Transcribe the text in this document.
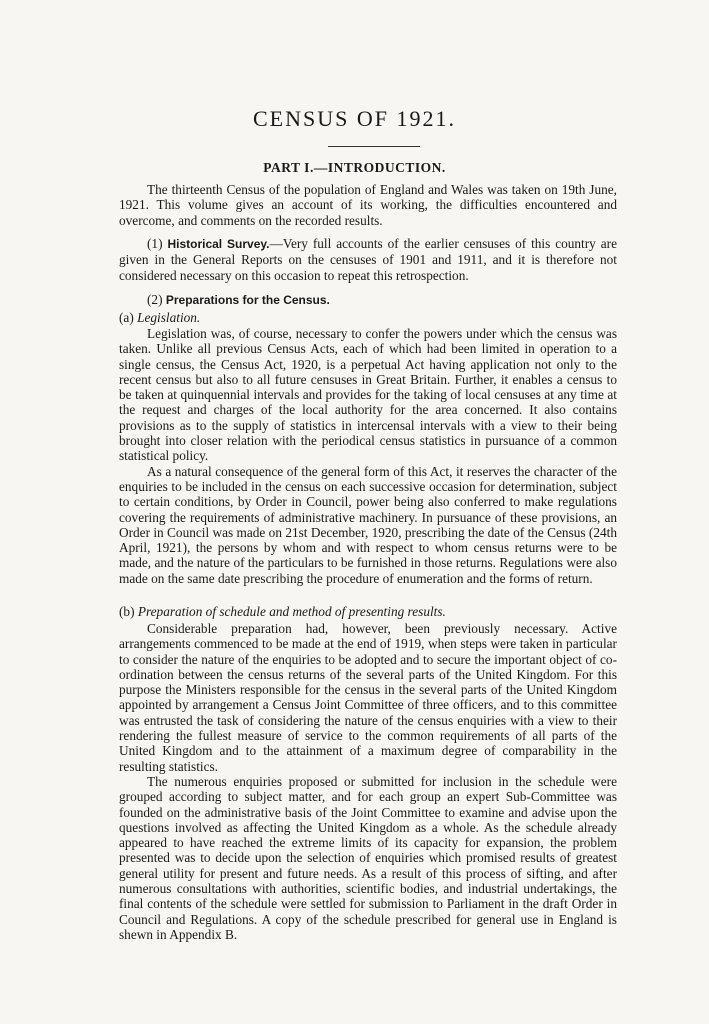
CENSUS OF 1921.
PART I.—INTRODUCTION.

The thirteenth Census of the population of England and Wales was taken on 19th June, 1921. This volume gives an account of its working, the difficulties encountered and overcome, and comments on the recorded results.

(1) Historical Survey.—Very full accounts of the earlier censuses of this country are given in the General Reports on the censuses of 1901 and 1911, and it is therefore not considered necessary on this occasion to repeat this retrospection.

(2) Preparations for the Census.
(a) Legislation.

Legislation was, of course, necessary to confer the powers under which the census was taken. Unlike all previous Census Acts, each of which had been limited in operation to a single census, the Census Act, 1920, is a perpetual Act having application not only to the recent census but also to all future censuses in Great Britain. Further, it enables a census to be taken at quinquennial intervals and provides for the taking of local censuses at any time at the request and charges of the local authority for the area concerned. It also contains provisions as to the supply of statistics in intercensal intervals with a view to their being brought into closer relation with the periodical census statistics in pursuance of a common statistical policy.

As a natural consequence of the general form of this Act, it reserves the character of the enquiries to be included in the census on each successive occasion for determination, subject to certain conditions, by Order in Council, power being also conferred to make regulations covering the requirements of administrative machinery. In pursuance of these provisions, an Order in Council was made on 21st December, 1920, prescribing the date of the Census (24th April, 1921), the persons by whom and with respect to whom census returns were to be made, and the nature of the particulars to be furnished in those returns. Regulations were also made on the same date prescribing the procedure of enumeration and the forms of return.

(b) Preparation of schedule and method of presenting results.

Considerable preparation had, however, been previously necessary. Active arrangements commenced to be made at the end of 1919, when steps were taken in particular to consider the nature of the enquiries to be adopted and to secure the important object of co-ordination between the census returns of the several parts of the United Kingdom. For this purpose the Ministers responsible for the census in the several parts of the United Kingdom appointed by arrangement a Census Joint Committee of three officers, and to this committee was entrusted the task of considering the nature of the census enquiries with a view to their rendering the fullest measure of service to the common requirements of all parts of the United Kingdom and to the attainment of a maximum degree of comparability in the resulting statistics.

The numerous enquiries proposed or submitted for inclusion in the schedule were grouped according to subject matter, and for each group an expert Sub-Committee was founded on the administrative basis of the Joint Committee to examine and advise upon the questions involved as affecting the United Kingdom as a whole. As the schedule already appeared to have reached the extreme limits of its capacity for expansion, the problem presented was to decide upon the selection of enquiries which promised results of greatest general utility for present and future needs. As a result of this process of sifting, and after numerous consultations with authorities, scientific bodies, and industrial undertakings, the final contents of the schedule were settled for submission to Parliament in the draft Order in Council and Regulations. A copy of the schedule prescribed for general use in England is shewn in Appendix B.
